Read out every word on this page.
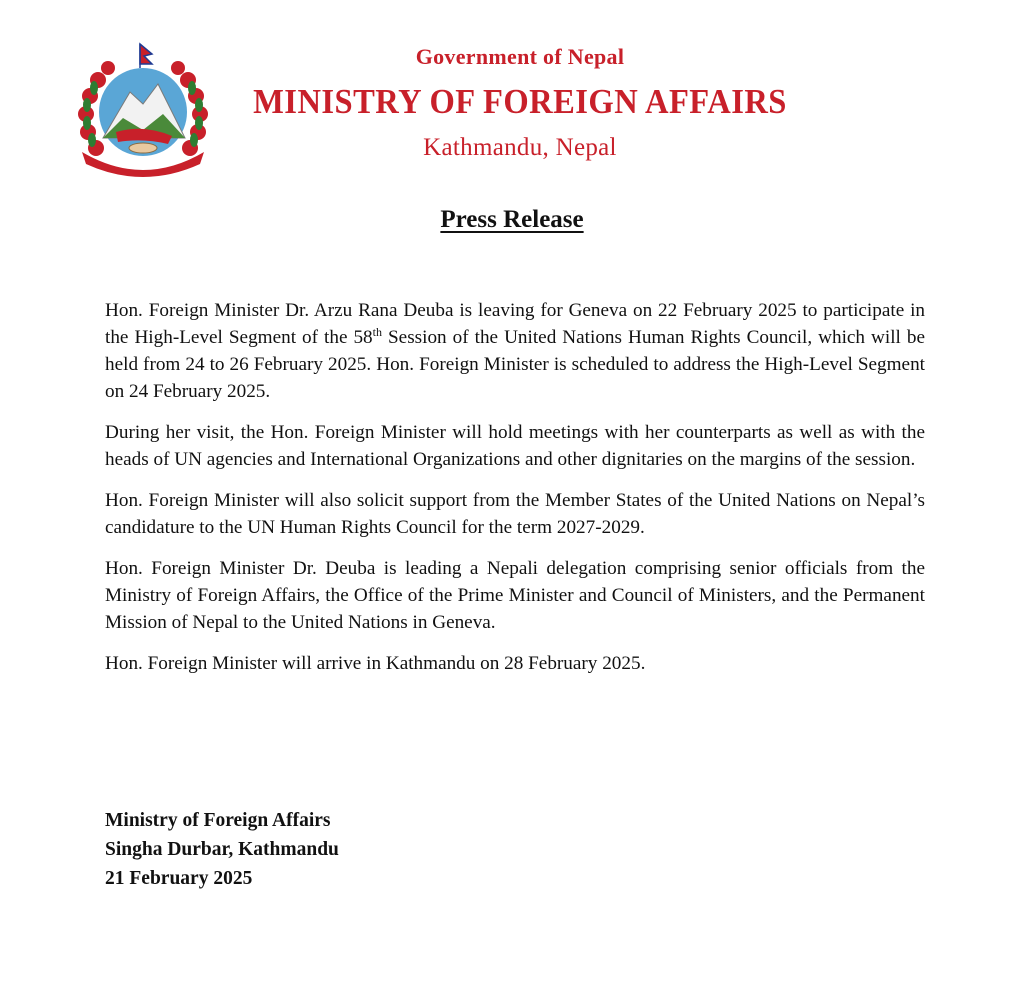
Government of Nepal
MINISTRY OF FOREIGN AFFAIRS
Kathmandu, Nepal
Press Release

Hon. Foreign Minister Dr. Arzu Rana Deuba is leaving for Geneva on 22 February 2025 to participate in the High-Level Segment of the 58th Session of the United Nations Human Rights Council, which will be held from 24 to 26 February 2025. Hon. Foreign Minister is scheduled to address the High-Level Segment on 24 February 2025.

During her visit, the Hon. Foreign Minister will hold meetings with her counterparts as well as with the heads of UN agencies and International Organizations and other dignitaries on the margins of the session.

Hon. Foreign Minister will also solicit support from the Member States of the United Nations on Nepal’s candidature to the UN Human Rights Council for the term 2027-2029.

Hon. Foreign Minister Dr. Deuba is leading a Nepali delegation comprising senior officials from the Ministry of Foreign Affairs, the Office of the Prime Minister and Council of Ministers, and the Permanent Mission of Nepal to the United Nations in Geneva.

Hon. Foreign Minister will arrive in Kathmandu on 28 February 2025.

Ministry of Foreign Affairs
Singha Durbar, Kathmandu
21 February 2025
